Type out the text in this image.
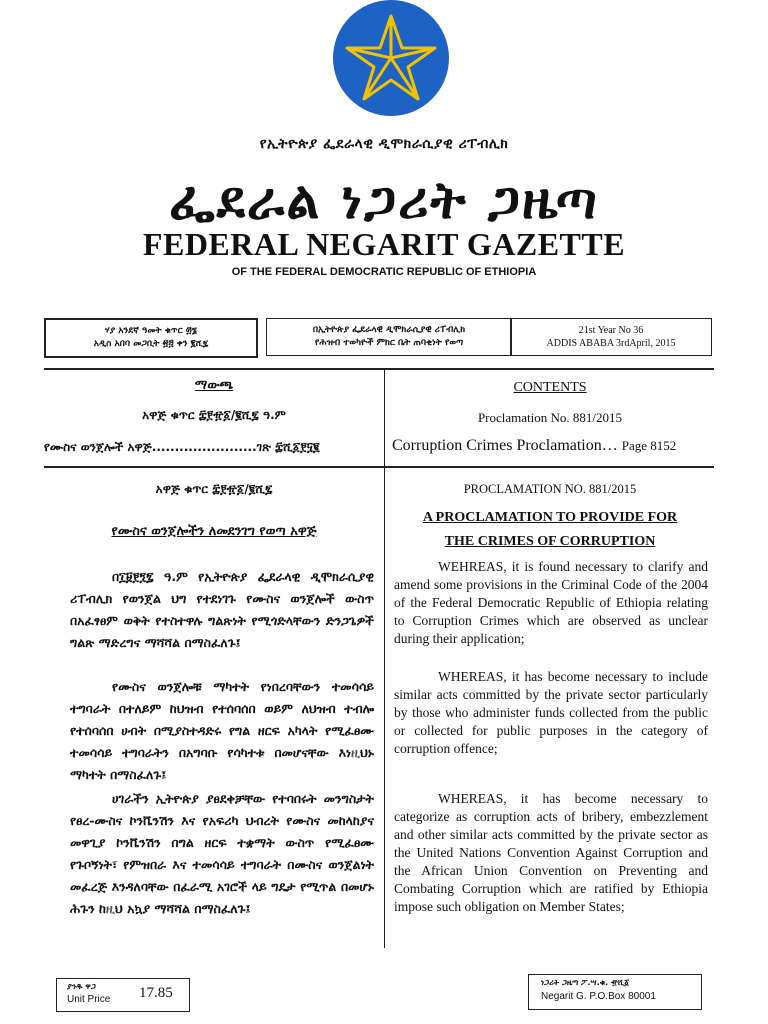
የኢትዮጵያ ፌደራላዊ ዲሞክራሲያዊ ሪፐብሊክ
ፌደራል ነጋሪት ጋዜጣ
FEDERAL NEGARIT GAZETTE
OF THE FEDERAL DEMOCRATIC REPUBLIC OF ETHIOPIA
ሃያ አንደኛ ዓመት ቁጥር ፴፮
አዲስ አበባ መጋቢት ፳፭ ቀን ፪ሺ፯
በኢትዮጵያ ፌደራላዊ ዲሞክራሲያዊ ሪፐብሊክ
የሕዝብ ተወካዮች ምክር ቤት ጠባቂነት የወጣ
21st Year No 36
ADDIS ABABA 3rdApril, 2015
ማውጫ
አዋጅ ቁጥር ፰፻፹፩/፪ሺ፯ ዓ.ም
የሙስና ወንጀሎች አዋጅ.......................ገጽ ፰ሺ፩፻፶፪
CONTENTS
Proclamation No. 881/2015
Corruption Crimes Proclamation… Page 8152
አዋጅ ቁጥር ፰፻፹፩/፪ሺ፯
የሙስና ወንጀሎችን ለመደንገግ የወጣ አዋጅ
በ፲፱፻፺፯ ዓ.ም የኢትዮጵያ ፌደራላዊ ዲሞክራሲያዊ ሪፐብሊክ የወንጀል ህግ የተደነገጉ የሙስና ወንጀሎች ውስጥ በአፈፃፀም ወቅት የተስተዋሉ ግልጽነት የሚጎድላቸውን ድንጋጌዎች ግልጽ ማድረግና ማሻሻል በማስፈለጉ፤
የሙስና ወንጀሎቹ ማካተት የነበረባቸውን ተመሳሳይ ተግባራት በተለይም ከህዝብ የተሰባሰበ ወይም ለህዝብ ተብሎ የተሰባሰበ ሀብት በሚያስተዳድሩ የግል ዘርፍ አካላት የሚፈፀሙ ተመሳሳይ ተግባራትን በአግባቡ የሳካተቱ በመሆናቸው እነዚህኑ ማካተት በማስፈለጉ፤
ሀገራችን ኢትዮጵያ ያፀደቀቻቸው የተባበሩት መንግስታት የፀረ-ሙስና ኮንቬንሽን እና የአፍሪካ ህብረት የሙስና መከላከያና መዋጊያ ኮንቬንሽን በግል ዘርፍ ተቋማት ውስጥ የሚፈፀሙ የጉቦኝነት፣ የምዝበራ እና ተመሳሳይ ተግባራት በሙስና ወንጀልነት መፈረጅ እንዳለባቸው በፈራሚ አገሮች ላይ ግዴታ የሚጥል በመሆኑ ሕጉን ከዚህ አኳያ ማሻሻል በማስፈለጉ፤
PROCLAMATION NO. 881/2015
A PROCLAMATION TO PROVIDE FOR
THE CRIMES OF CORRUPTION
WEHREAS, it is found necessary to clarify and amend some provisions in the Criminal Code of the 2004 of the Federal Democratic Republic of Ethiopia relating to Corruption Crimes which are observed as unclear during their application;
WHEREAS, it has become necessary to include similar acts committed by the private sector particularly by those who administer funds collected from the public or collected for public purposes in the category of corruption offence;
WHEREAS, it has become necessary to categorize as corruption acts of bribery, embezzlement and other similar acts committed by the private sector as the United Nations Convention Against Corruption and the African Union Convention on Preventing and Combating Corruption which are ratified by Ethiopia impose such obligation on Member States;
ያንዱ ዋጋ
Unit Price 17.85
ነጋሪት ጋዜጣ ፖ.ሣ.ቁ. ፹ሺ፩
Negarit G. P.O.Box 80001
